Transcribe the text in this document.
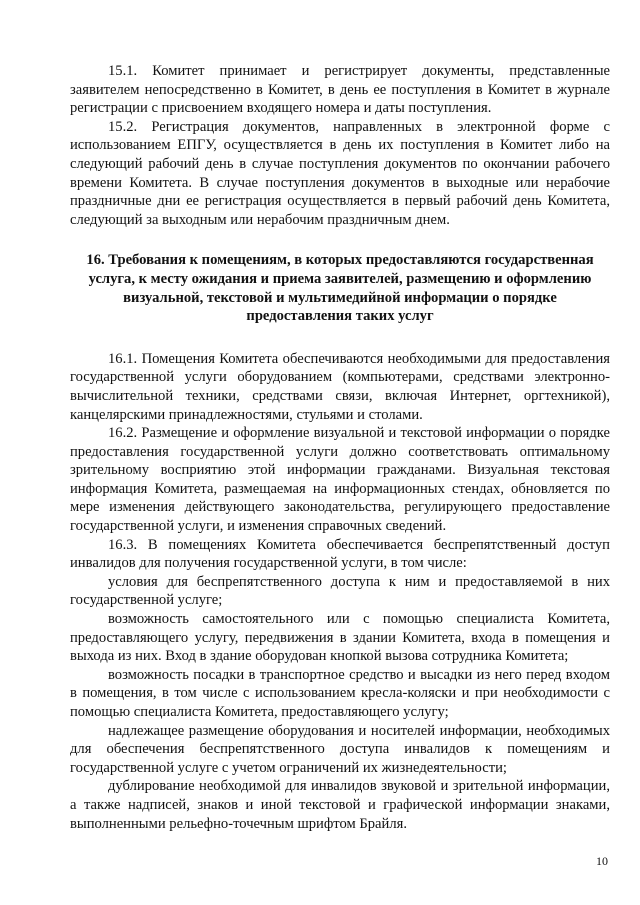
15.1. Комитет принимает и регистрирует документы, представленные заявителем непосредственно в Комитет, в день ее поступления в Комитет в журнале регистрации с присвоением входящего номера и даты поступления.

15.2. Регистрация документов, направленных в электронной форме с использованием ЕПГУ, осуществляется в день их поступления в Комитет либо на следующий рабочий день в случае поступления документов по окончании рабочего времени Комитета. В случае поступления документов в выходные или нерабочие праздничные дни ее регистрация осуществляется в первый рабочий день Комитета, следующий за выходным или нерабочим праздничным днем.

16. Требования к помещениям, в которых предоставляются государственная услуга, к месту ожидания и приема заявителей, размещению и оформлению визуальной, текстовой и мультимедийной информации о порядке предоставления таких услуг

16.1. Помещения Комитета обеспечиваются необходимыми для предоставления государственной услуги оборудованием (компьютерами, средствами электронно-вычислительной техники, средствами связи, включая Интернет, оргтехникой), канцелярскими принадлежностями, стульями и столами.

16.2. Размещение и оформление визуальной и текстовой информации о порядке предоставления государственной услуги должно соответствовать оптимальному зрительному восприятию этой информации гражданами. Визуальная текстовая информация Комитета, размещаемая на информационных стендах, обновляется по мере изменения действующего законодательства, регулирующего предоставление государственной услуги, и изменения справочных сведений.

16.3. В помещениях Комитета обеспечивается беспрепятственный доступ инвалидов для получения государственной услуги, в том числе:

условия для беспрепятственного доступа к ним и предоставляемой в них государственной услуге;

возможность самостоятельного или с помощью специалиста Комитета, предоставляющего услугу, передвижения в здании Комитета, входа в помещения и выхода из них. Вход в здание оборудован кнопкой вызова сотрудника Комитета;

возможность посадки в транспортное средство и высадки из него перед входом в помещения, в том числе с использованием кресла-коляски и при необходимости с помощью специалиста Комитета, предоставляющего услугу;

надлежащее размещение оборудования и носителей информации, необходимых для обеспечения беспрепятственного доступа инвалидов к помещениям и государственной услуге с учетом ограничений их жизнедеятельности;

дублирование необходимой для инвалидов звуковой и зрительной информации, а также надписей, знаков и иной текстовой и графической информации знаками, выполненными рельефно-точечным шрифтом Брайля.

10
